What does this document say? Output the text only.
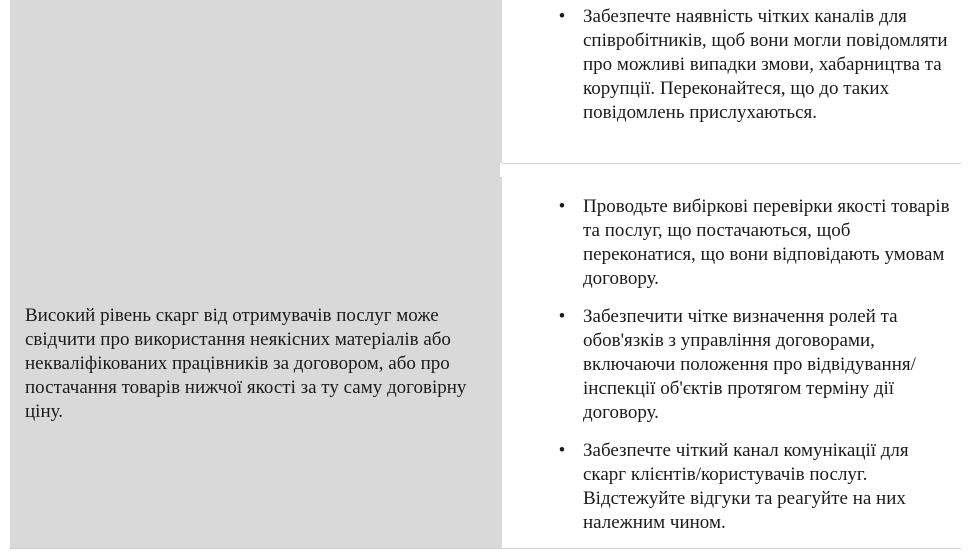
• Забезпечте наявність чітких каналів для співробітників, щоб вони могли повідомляти про можливі випадки змови, хабарництва та корупції. Переконайтеся, що до таких повідомлень прислухаються.
Високий рівень скарг від отримувачів послуг може свідчити про використання неякісних матеріалів або некваліфікованих працівників за договором, або про постачання товарів нижчої якості за ту саму договірну ціну.
• Проводьте вибіркові перевірки якості товарів та послуг, що постачаються, щоб переконатися, що вони відповідають умовам договору.
• Забезпечити чітке визначення ролей та обов'язків з управління договорами, включаючи положення про відвідування/інспекції об'єктів протягом терміну дії договору.
• Забезпечте чіткий канал комунікації для скарг клієнтів/користувачів послуг. Відстежуйте відгуки та реагуйте на них належним чином.
